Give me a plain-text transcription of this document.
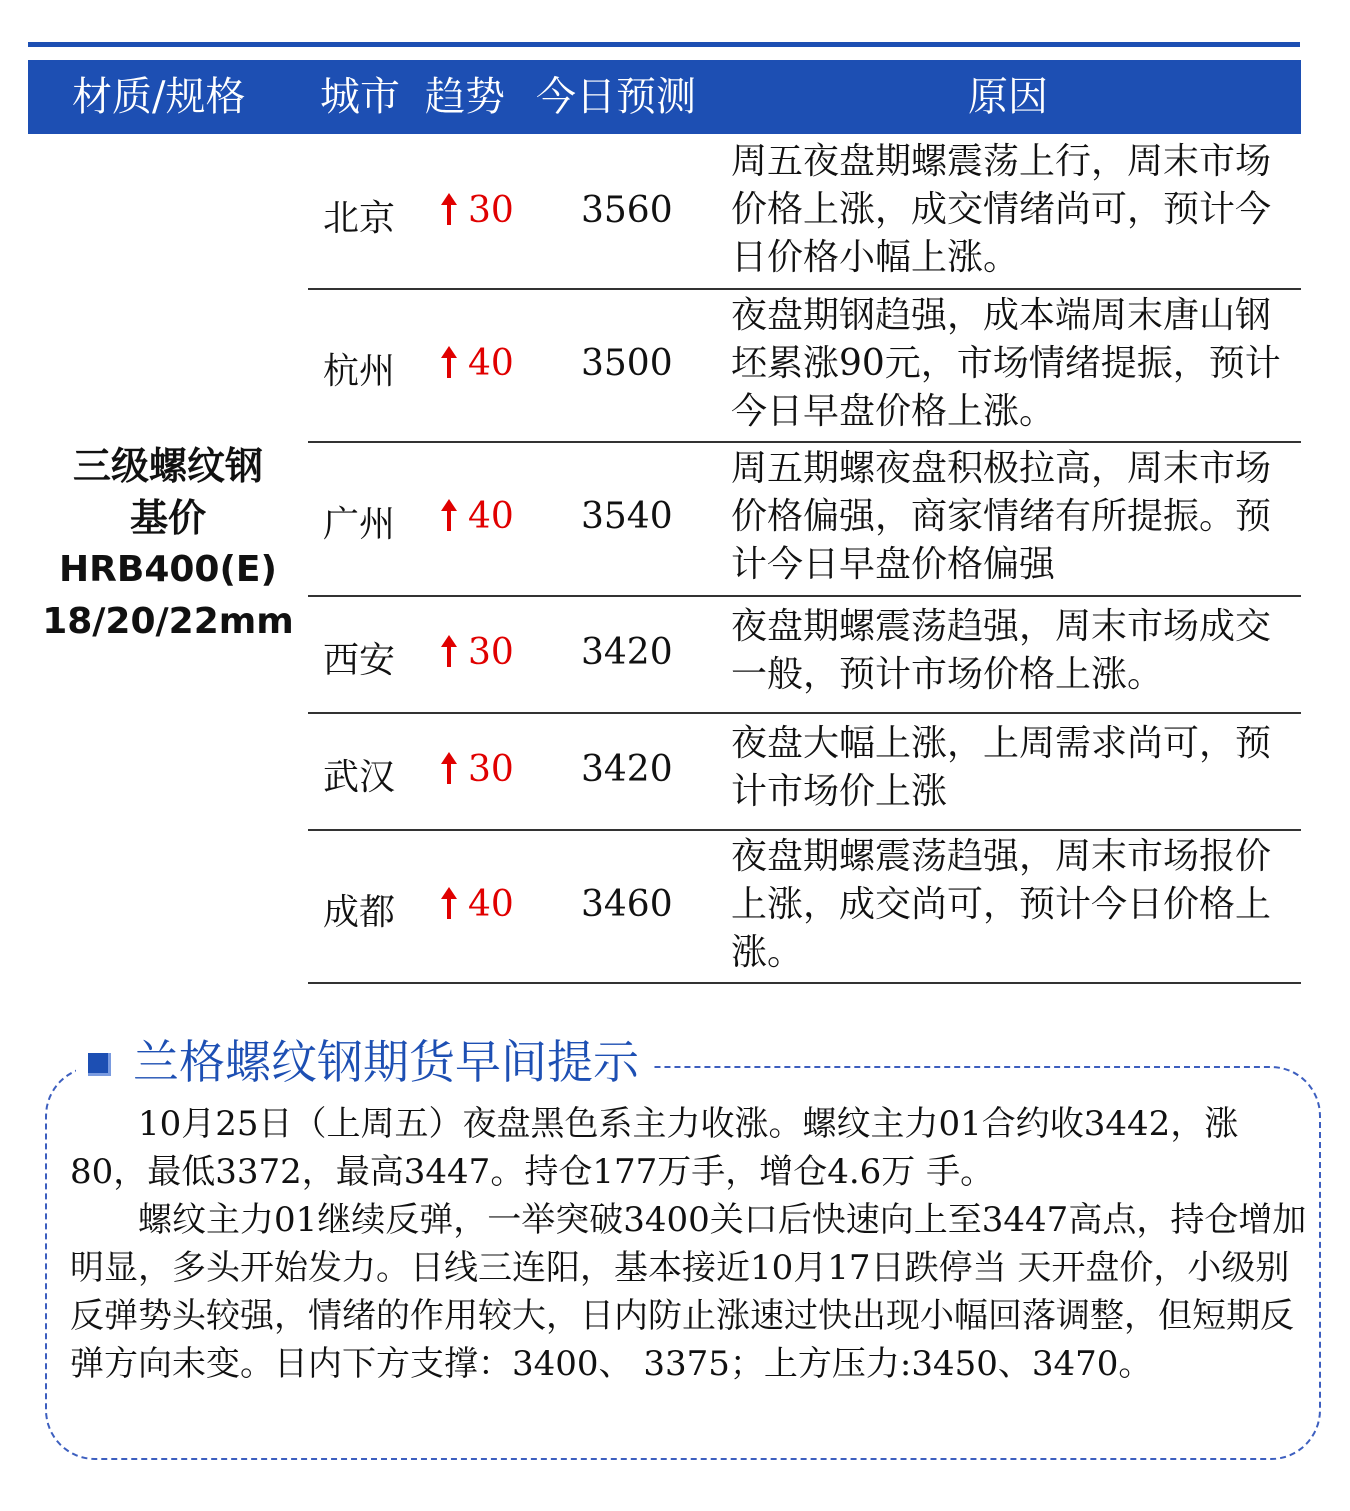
材质/规格 城市 趋势 今日预测	原因
三级螺纹钢
基价
HRB400(E)
18/20/22mm
北京	30 3560
周五夜盘期螺震荡上行，周末市场价格上涨，成交情绪尚可，预计今日价格小幅上涨。
杭州	40 3500
夜盘期钢趋强，成本端周末唐山钢坯累涨90元，市场情绪提振，预计今日早盘价格上涨。
广州	40 3540
周五期螺夜盘积极拉高，周末市场价格偏强，商家情绪有所提振。预计今日早盘价格偏强
西安	30 3420
夜盘期螺震荡趋强，周末市场成交一般，预计市场价格上涨。
武汉	30 3420
夜盘大幅上涨，上周需求尚可，预计市场价上涨
成都	40 3460
夜盘期螺震荡趋强，周末市场报价上涨，成交尚可，预计今日价格上涨。
兰格螺纹钢期货早间提示

　　10月25日（上周五）夜盘黑色系主力收涨。螺纹主力01合约收3442，涨80，最低3372，最高3447。持仓177万手，增仓4.6万 手。

　　螺纹主力01继续反弹，一举突破3400关口后快速向上至3447高点，持仓增加明显，多头开始发力。日线三连阳，基本接近10月17日跌停当 天开盘价，小级别反弹势头较强，情绪的作用较大，日内防止涨速过快出现小幅回落调整，但短期反弹方向未变。日内下方支撑：3400、 3375；上方压力:3450、3470。
